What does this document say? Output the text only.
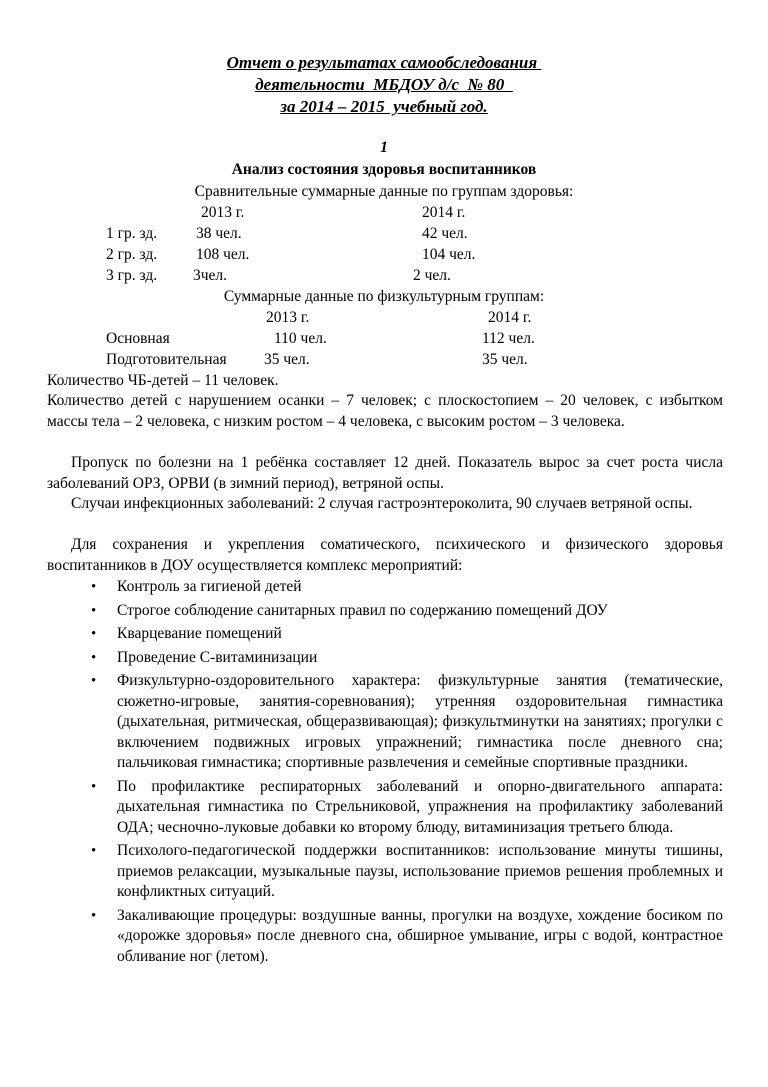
Отчет о результатах самообследования
деятельности  МБДОУ д/с  № 80
за 2014 – 2015  учебный год.
1
Анализ состояния здоровья воспитанников
Сравнительные суммарные данные по группам здоровья:
2013 г.	2014 г.
1 гр. зд.	38 чел.	42 чел.
2 гр. зд.	108 чел.	104 чел.
3 гр. зд. 3чел.	2 чел.
Суммарные данные по физкультурным группам:
2013 г.	2014 г.
Основная	110 чел.	112 чел.
Подготовительная 35 чел.	35 чел.

Количество ЧБ-детей – 11 человек.

Количество детей с нарушением осанки – 7 человек; с плоскостопием – 20 человек, с избытком массы тела – 2 человека, с низким ростом – 4 человека, с высоким ростом – 3 человека.

Пропуск по болезни на 1 ребёнка составляет 12 дней. Показатель вырос за счет роста числа заболеваний ОРЗ, ОРВИ (в зимний период), ветряной оспы.

Случаи инфекционных заболеваний: 2 случая гастроэнтероколита, 90 случаев ветряной оспы.

Для сохранения и укрепления соматического, психического и физического здоровья воспитанников в ДОУ осуществляется комплекс мероприятий:

• Контроль за гигиеной детей
• Строгое соблюдение санитарных правил по содержанию помещений ДОУ
• Кварцевание помещений
• Проведение С-витаминизации
• Физкультурно-оздоровительного характера: физкультурные занятия (тематические, сюжетно-игровые, занятия-соревнования); утренняя оздоровительная гимнастика (дыхательная, ритмическая, общеразвивающая); физкультминутки на занятиях; прогулки с включением подвижных игровых упражнений; гимнастика после дневного сна; пальчиковая гимнастика; спортивные развлечения и семейные спортивные праздники.
• По профилактике респираторных заболеваний и опорно-двигательного аппарата: дыхательная гимнастика по Стрельниковой, упражнения на профилактику заболеваний ОДА; чесночно-луковые добавки ко второму блюду, витаминизация третьего блюда.
• Психолого-педагогической поддержки воспитанников: использование минуты тишины, приемов релаксации, музыкальные паузы, использование приемов решения проблемных и конфликтных ситуаций.
• Закаливающие процедуры: воздушные ванны, прогулки на воздухе, хождение босиком по «дорожке здоровья» после дневного сна, обширное умывание, игры с водой, контрастное обливание ног (летом).
